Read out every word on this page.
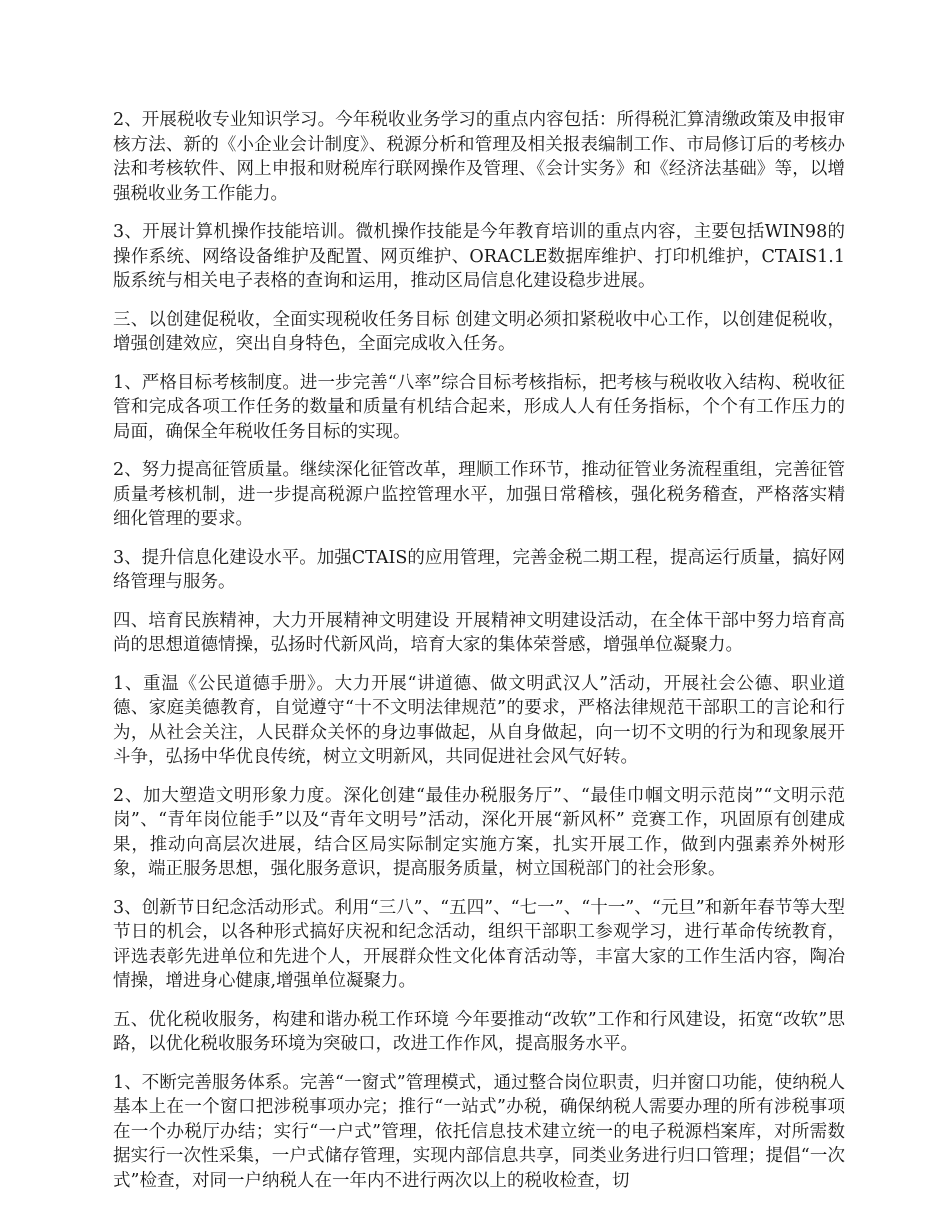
2、开展税收专业知识学习。今年税收业务学习的重点内容包括：所得税汇算清缴政策及申报审核方法、新的《小企业会计制度》、税源分析和管理及相关报表编制工作、市局修订后的考核办法和考核软件、网上申报和财税库行联网操作及管理、《会计实务》和《经济法基础》等，以增强税收业务工作能力。

3、开展计算机操作技能培训。微机操作技能是今年教育培训的重点内容，主要包括WIN98的操作系统、网络设备维护及配置、网页维护、ORACLE数据库维护、打印机维护，CTAIS1.1版系统与相关电子表格的查询和运用，推动区局信息化建设稳步进展。

三、以创建促税收，全面实现税收任务目标 创建文明必须扣紧税收中心工作，以创建促税收，增强创建效应，突出自身特色，全面完成收入任务。

1、严格目标考核制度。进一步完善“八率”综合目标考核指标，把考核与税收收入结构、税收征管和完成各项工作任务的数量和质量有机结合起来，形成人人有任务指标，个个有工作压力的局面，确保全年税收任务目标的实现。

2、努力提高征管质量。继续深化征管改革，理顺工作环节，推动征管业务流程重组，完善征管质量考核机制，进一步提高税源户监控管理水平，加强日常稽核，强化税务稽查，严格落实精细化管理的要求。

3、提升信息化建设水平。加强CTAIS的应用管理，完善金税二期工程，提高运行质量，搞好网络管理与服务。

四、培育民族精神，大力开展精神文明建设 开展精神文明建设活动，在全体干部中努力培育高尚的思想道德情操，弘扬时代新风尚，培育大家的集体荣誉感，增强单位凝聚力。

1、重温《公民道德手册》。大力开展“讲道德、做文明武汉人”活动，开展社会公德、职业道德、家庭美德教育，自觉遵守“十不文明法律规范”的要求，严格法律规范干部职工的言论和行为，从社会关注，人民群众关怀的身边事做起，从自身做起，向一切不文明的行为和现象展开斗争，弘扬中华优良传统，树立文明新风，共同促进社会风气好转。

2、加大塑造文明形象力度。深化创建“最佳办税服务厅”、“最佳巾帼文明示范岗”“文明示范岗”、“青年岗位能手”以及“青年文明号”活动，深化开展“新风杯” 竞赛工作，巩固原有创建成果，推动向高层次进展，结合区局实际制定实施方案，扎实开展工作，做到内强素养外树形象，端正服务思想，强化服务意识，提高服务质量，树立国税部门的社会形象。

3、创新节日纪念活动形式。利用“三八”、“五四”、“七一”、“十一”、“元旦”和新年春节等大型节日的机会，以各种形式搞好庆祝和纪念活动，组织干部职工参观学习，进行革命传统教育，评选表彰先进单位和先进个人，开展群众性文化体育活动等，丰富大家的工作生活内容，陶冶情操，增进身心健康,增强单位凝聚力。

五、优化税收服务，构建和谐办税工作环境 今年要推动“改软”工作和行风建设，拓宽“改软”思路，以优化税收服务环境为突破口，改进工作作风，提高服务水平。

1、不断完善服务体系。完善“一窗式”管理模式，通过整合岗位职责，归并窗口功能，使纳税人基本上在一个窗口把涉税事项办完；推行“一站式”办税，确保纳税人需要办理的所有涉税事项在一个办税厅办结；实行“一户式”管理，依托信息技术建立统一的电子税源档案库，对所需数据实行一次性采集，一户式储存管理，实现内部信息共享，同类业务进行归口管理；提倡“一次式”检查，对同一户纳税人在一年内不进行两次以上的税收检查，切
